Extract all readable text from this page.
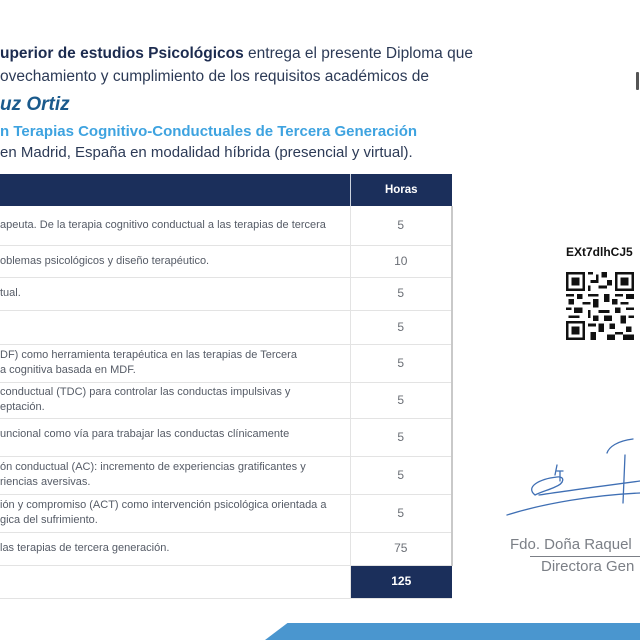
uperior de estudios Psicológicos entrega el presente Diploma que
ovechamiento y cumplimiento de los requisitos académicos de
uz Ortiz
n Terapias Cognitivo-Conductuales de Tercera Generación
en Madrid, España en modalidad híbrida (presencial y virtual).
	Horas

apeuta. De la terapia cognitivo conductual a las terapias de tercera	5

oblemas psicológicos y diseño terapéutico.	10

tual.	5

	5

DF) como herramienta terapéutica en las terapias de Tercera
a cognitiva basada en MDF.	5

conductual (TDC) para controlar las conductas impulsivas y
eptación.	5

uncional como vía para trabajar las conductas clínicamente	5

ón conductual (AC): incremento de experiencias gratificantes y
riencias aversivas.	5

ión y compromiso (ACT) como intervención psicológica orientada a
gica del sufrimiento.	5

las terapias de tercera generación.	75
	125
EXt7dlhCJ5
Fdo. Doña Raquel
Directora Gen
